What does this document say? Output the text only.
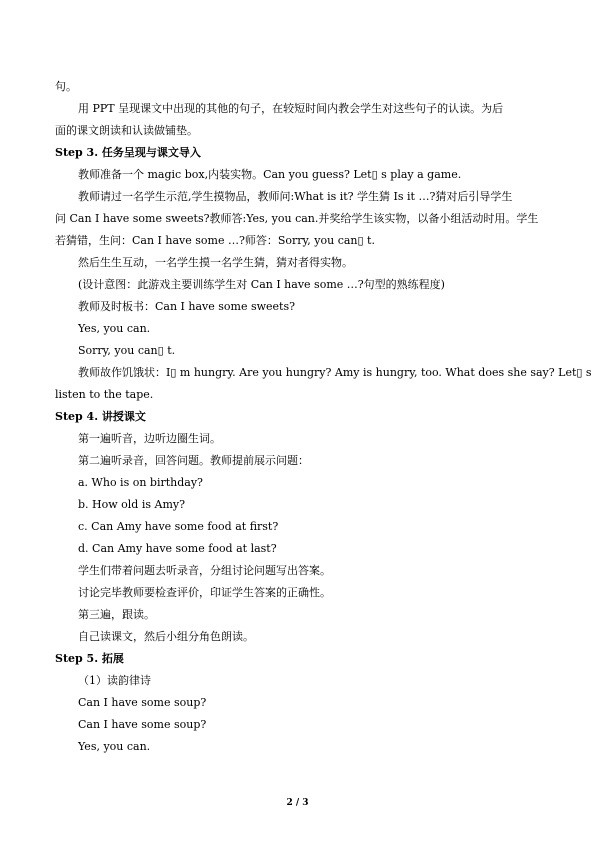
句。
用 PPT 呈现课文中出现的其他的句子，在较短时间内教会学生对这些句子的认读。为后
面的课文朗读和认读做铺垫。
Step 3. 任务呈现与课文导入
教师准备一个 magic box,内装实物。Can you guess? Let▯ s play a game.
教师请过一名学生示范,学生摸物品，教师问:What is it? 学生猜 Is it …?猜对后引导学生
问 Can I have some sweets?教师答:Yes, you can.并奖给学生该实物，以备小组活动时用。学生
若猜错，生问：Can I have some …?师答：Sorry, you can▯ t.
然后生生互动，一名学生摸一名学生猜，猜对者得实物。
(设计意图：此游戏主要训练学生对 Can I have some …?句型的熟练程度)
教师及时板书：Can I have some sweets?
Yes, you can.
Sorry, you can▯ t.
教师故作饥饿状：I▯ m hungry. Are you hungry? Amy is hungry, too. What does she say? Let▯ s
listen to the tape.
Step 4. 讲授课文
第一遍听音，边听边圈生词。
第二遍听录音，回答问题。教师提前展示问题：
a. Who is on birthday?
b. How old is Amy?
c. Can Amy have some food at first?
d. Can Amy have some food at last?
学生们带着问题去听录音，分组讨论问题写出答案。
讨论完毕教师要检查评价，印证学生答案的正确性。
第三遍，跟读。
自己读课文，然后小组分角色朗读。
Step 5. 拓展
（1）读韵律诗
Can I have some soup?
Can I have some soup?
Yes, you can.
2 / 3
